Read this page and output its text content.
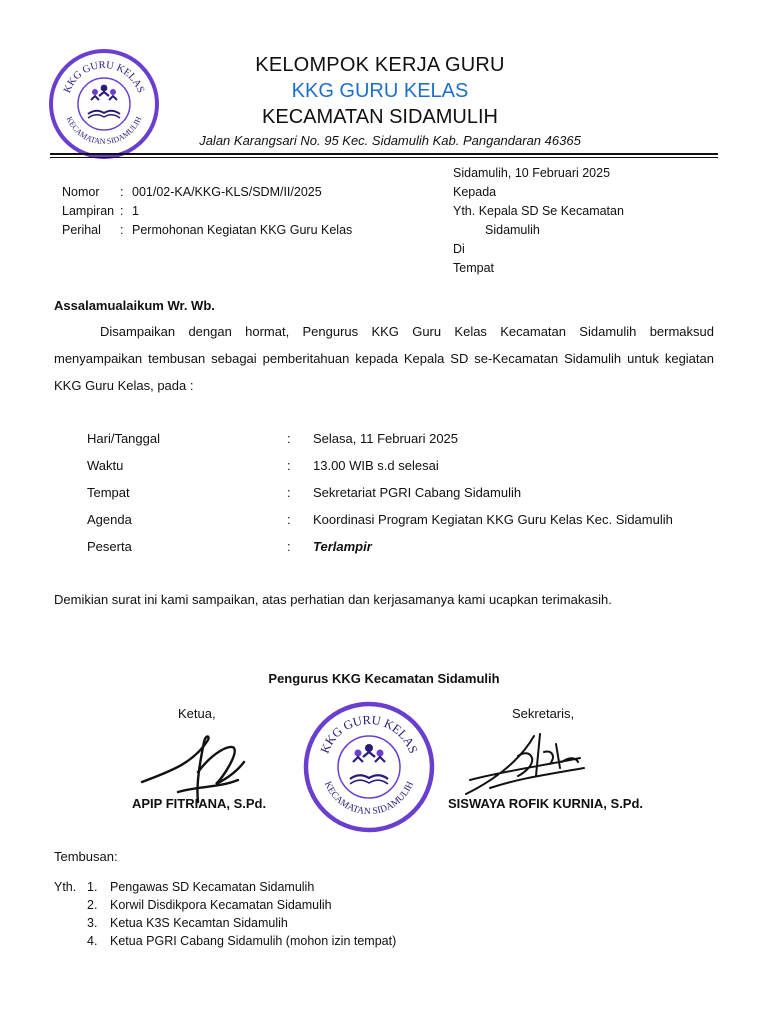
KKG GURU KELAS
KECAMATAN SIDAMULIH
KELOMPOK KERJA GURU
KKG GURU KELAS
KECAMATAN SIDAMULIH
Jalan Karangsari No. 95 Kec. Sidamulih Kab. Pangandaran 46365
Nomor	: 001/02-KA/KKG-KLS/SDM/II/2025
Lampiran : 1
Perihal	: Permohonan Kegiatan KKG Guru Kelas
Sidamulih, 10 Februari 2025
Kepada
Yth. Kepala SD Se Kecamatan
Sidamulih
Di
Tempat
Assalamualaikum Wr. Wb.

Disampaikan dengan hormat, Pengurus KKG Guru Kelas Kecamatan Sidamulih bermaksud menyampaikan tembusan sebagai pemberitahuan kepada Kepala SD se-Kecamatan Sidamulih untuk kegiatan KKG Guru Kelas, pada :

Hari/Tanggal	:	Selasa, 11 Februari 2025
Waktu	:	13.00 WIB s.d selesai
Tempat	:	Sekretariat PGRI Cabang Sidamulih
Agenda	:	Koordinasi Program Kegiatan KKG Guru Kelas Kec. Sidamulih
Peserta	:	Terlampir
Demikian surat ini kami sampaikan, atas perhatian dan kerjasamanya kami ucapkan terimakasih.
Pengurus KKG Kecamatan Sidamulih
Ketua,	Sekretaris,
KKG GURU KELAS
KECAMATAN SIDAMULIH
APIP FITRIANA, S.Pd.	SISWAYA ROFIK KURNIA, S.Pd.
Tembusan:
Yth. 1.	Pengawas SD Kecamatan Sidamulih
2.	Korwil Disdikpora Kecamatan Sidamulih
3.	Ketua K3S Kecamtan Sidamulih
4.	Ketua PGRI Cabang Sidamulih (mohon izin tempat)
